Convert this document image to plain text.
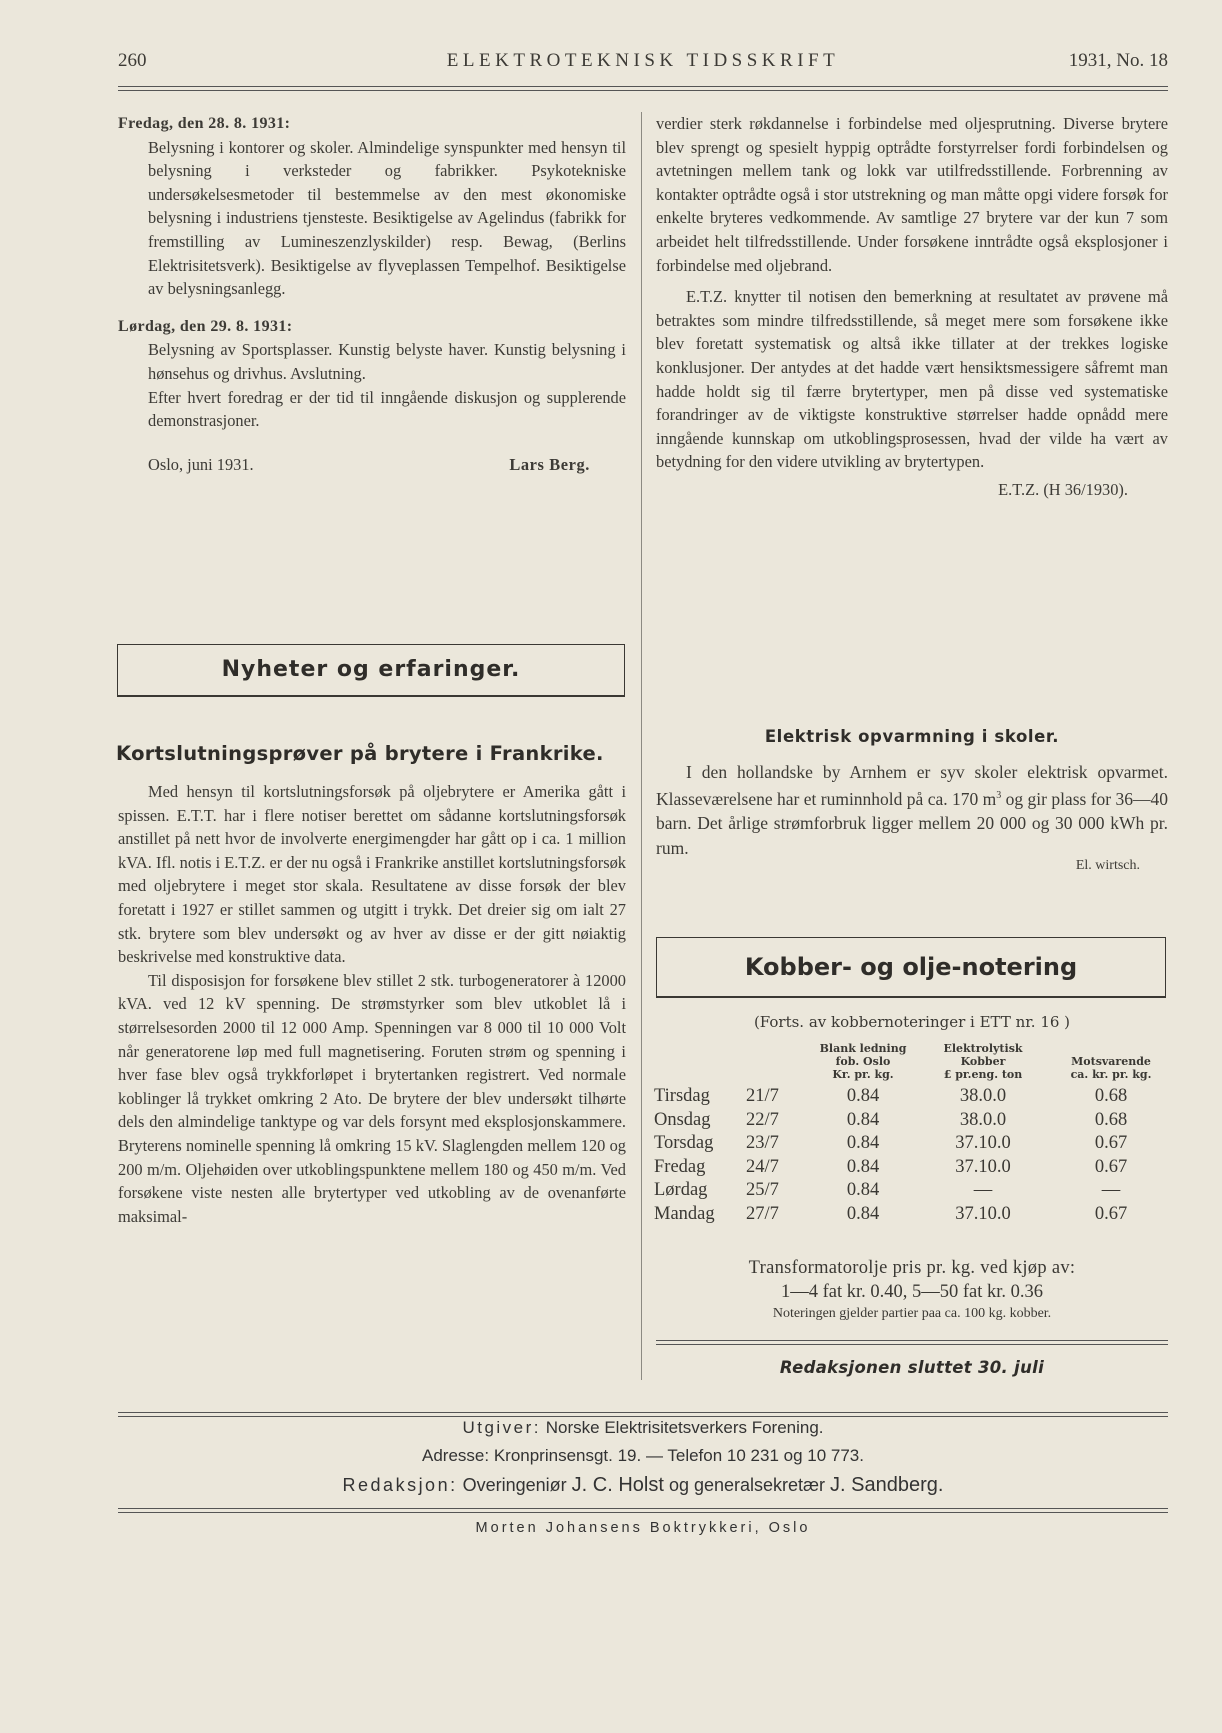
260	ELEKTROTEKNISK TIDSSKRIFT	1931, No. 18

Fredag, den 28. 8. 1931:

Belysning i kontorer og skoler. Almindelige synspunkter med hensyn til belysning i verksteder og fabrikker. Psykotekniske undersøkelsesmetoder til bestemmelse av den mest økonomiske belysning i industriens tjensteste. Besiktigelse av Agelindus (fabrikk for fremstilling av Lumineszenzlyskilder) resp. Bewag, (Berlins Elektrisitetsverk). Besiktigelse av flyveplassen Tempelhof. Besiktigelse av belysningsanlegg.

Lørdag, den 29. 8. 1931:

Belysning av Sportsplasser. Kunstig belyste haver. Kunstig belysning i hønsehus og drivhus. Avslutning.

Efter hvert foredrag er der tid til inngående diskusjon og supplerende demonstrasjoner.

Oslo, juni 1931.	Lars Berg.
Nyheter og erfaringer.
Kortslutningsprøver på brytere i Frankrike.

Med hensyn til kortslutningsforsøk på oljebrytere er Amerika gått i spissen. E.T.T. har i flere notiser berettet om sådanne kortslutningsforsøk anstillet på nett hvor de involverte energimengder har gått op i ca. 1 million kVA. Ifl. notis i E.T.Z. er der nu også i Frankrike anstillet kortslutningsforsøk med oljebrytere i meget stor skala. Resultatene av disse forsøk der blev foretatt i 1927 er stillet sammen og utgitt i trykk. Det dreier sig om ialt 27 stk. brytere som blev undersøkt og av hver av disse er der gitt nøiaktig beskrivelse med konstruktive data.

Til disposisjon for forsøkene blev stillet 2 stk. turbogeneratorer à 12000 kVA. ved 12 kV spenning. De strømstyrker som blev utkoblet lå i størrelsesorden 2000 til 12 000 Amp. Spenningen var 8 000 til 10 000 Volt når generatorene løp med full magnetisering. Foruten strøm og spenning i hver fase blev også trykkforløpet i brytertanken registrert. Ved normale koblinger lå trykket omkring 2 Ato. De brytere der blev undersøkt tilhørte dels den almindelige tanktype og var dels forsynt med eksplosjonskammere. Bryterens nominelle spenning lå omkring 15 kV. Slaglengden mellem 120 og 200 m/m. Oljehøiden over utkoblingspunktene mellem 180 og 450 m/m. Ved forsøkene viste nesten alle brytertyper ved utkobling av de ovenanførte maksimal-

verdier sterk røkdannelse i forbindelse med oljesprutning. Diverse brytere blev sprengt og spesielt hyppig optrådte forstyrrelser fordi forbindelsen og avtetningen mellem tank og lokk var utilfredsstillende. Forbrenning av kontakter optrådte også i stor utstrekning og man måtte opgi videre forsøk for enkelte bryteres vedkommende. Av samtlige 27 brytere var der kun 7 som arbeidet helt tilfredsstillende. Under forsøkene inntrådte også eksplosjoner i forbindelse med oljebrand.

E.T.Z. knytter til notisen den bemerkning at resultatet av prøvene må betraktes som mindre tilfredsstillende, så meget mere som forsøkene ikke blev foretatt systematisk og altså ikke tillater at der trekkes logiske konklusjoner. Der antydes at det hadde vært hensiktsmessigere såfremt man hadde holdt sig til færre brytertyper, men på disse ved systematiske forandringer av de viktigste konstruktive størrelser hadde opnådd mere inngående kunnskap om utkoblingsprosessen, hvad der vilde ha vært av betydning for den videre utvikling av brytertypen.

E.T.Z. (H 36/1930).

Elektrisk opvarmning i skoler.

I den hollandske by Arnhem er syv skoler elektrisk opvarmet. Klasseværelsene har et ruminnhold på ca. 170 $m^3$ og gir plass for 36—40 barn. Det årlige strømforbruk ligger mellem 20 000 og 30 000 kWh pr. rum.

El. wirtsch.

Kobber- og olje-notering
(Forts. av kobbernoteringer i ETT nr. 16 )

Blank ledning
fob. Oslo
Kr. pr. kg.

Elektrolytisk
Kobber
£ pr.eng. ton

Motsvarende
ca. kr. pr. kg.

Tirsdag	21/7	0.84	38.0.0	0.68
Onsdag	22/7	0.84	38.0.0	0.68
Torsdag	23/7	0.84	37.10.0	0.67
Fredag	24/7	0.84	37.10.0	0.67
Lørdag	25/7	0.84	—	—
Mandag	27/7	0.84	37.10.0	0.67
Transformatorolje pris pr. kg. ved kjøp av:
1—4 fat kr. 0.40, 5—50 fat kr. 0.36
Noteringen gjelder partier paa ca. 100 kg. kobber.
Redaksjonen sluttet 30. juli
Utgiver: Norske Elektrisitetsverkers Forening.
Adresse: Kronprinsensgt. 19. — Telefon 10 231 og 10 773.
Redaksjon: Overingeniør J. C. Holst og generalsekretær J. Sandberg.
Morten Johansens Boktrykkeri, Oslo
